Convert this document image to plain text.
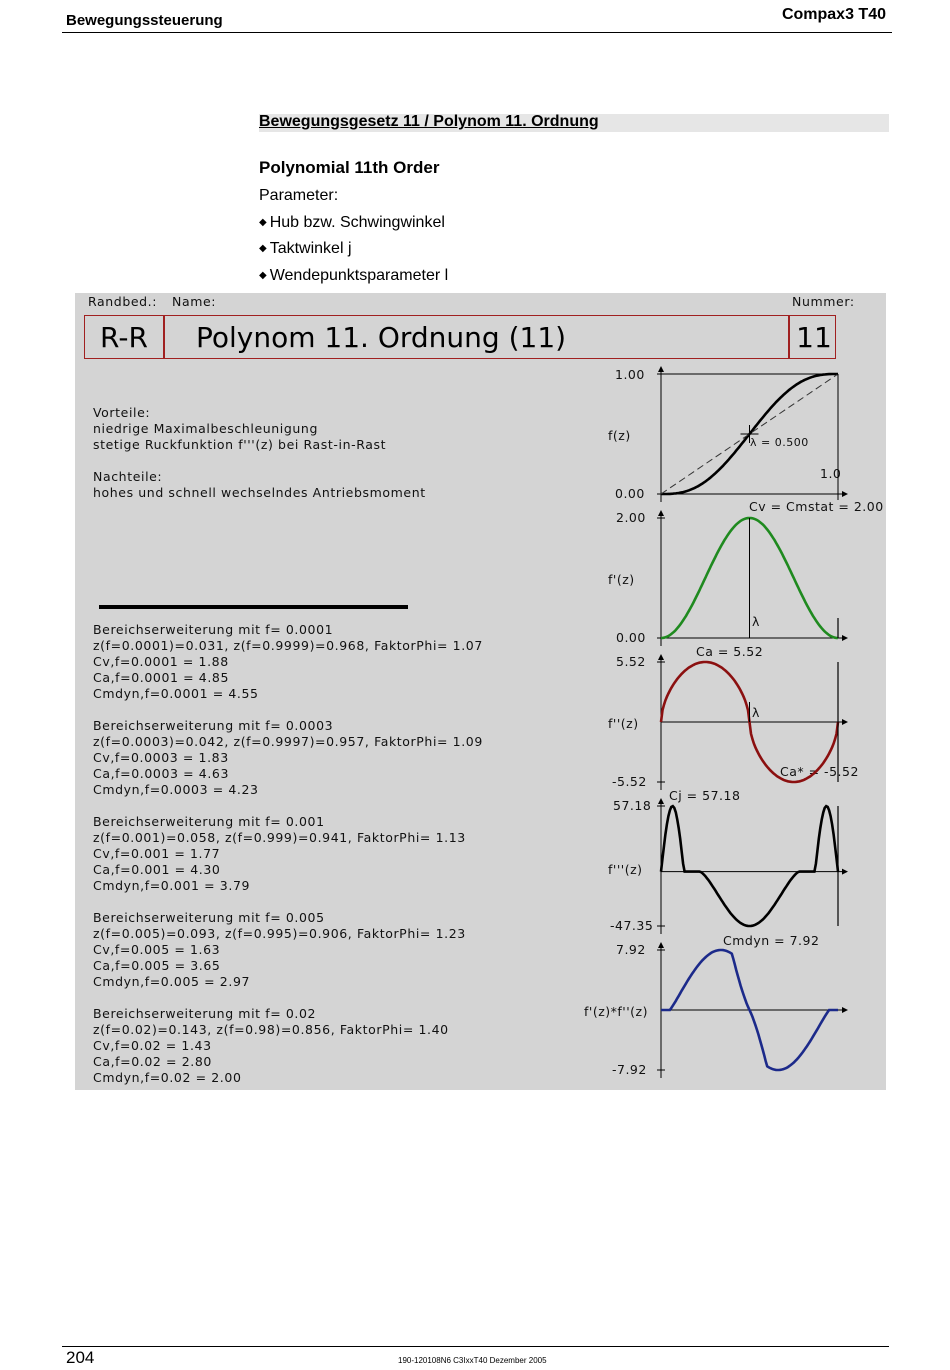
Bewegungssteuerung	Compax3 T40
Bewegungsgesetz 11 / Polynom 11. Ordnung
Polynomial 11th Order
Parameter:
◆ Hub bzw. Schwingwinkel
◆ Taktwinkel j
◆ Wendepunktsparameter l
Randbed.: Name:	Nummer:
R-R	Polynom 11. Ordnung (11)	11
Vorteile:
niedrige Maximalbeschleunigung
stetige Ruckfunktion f'''(z) bei Rast-in-Rast
Nachteile:
hohes und schnell wechselndes Antriebsmoment
Bereichserweiterung mit f= 0.0001
z(f=0.0001)=0.031, z(f=0.9999)=0.968, FaktorPhi= 1.07
Cv,f=0.0001 = 1.88
Ca,f=0.0001 = 4.85
Cmdyn,f=0.0001 = 4.55
Bereichserweiterung mit f= 0.0003
z(f=0.0003)=0.042, z(f=0.9997)=0.957, FaktorPhi= 1.09
Cv,f=0.0003 = 1.83
Ca,f=0.0003 = 4.63
Cmdyn,f=0.0003 = 4.23
Bereichserweiterung mit f= 0.001
z(f=0.001)=0.058, z(f=0.999)=0.941, FaktorPhi= 1.13
Cv,f=0.001 = 1.77
Ca,f=0.001 = 4.30
Cmdyn,f=0.001 = 3.79
Bereichserweiterung mit f= 0.005
z(f=0.005)=0.093, z(f=0.995)=0.906, FaktorPhi= 1.23
Cv,f=0.005 = 1.63
Ca,f=0.005 = 3.65
Cmdyn,f=0.005 = 2.97
Bereichserweiterung mit f= 0.02
z(f=0.02)=0.143, z(f=0.98)=0.856, FaktorPhi= 1.40
Cv,f=0.02 = 1.43
Ca,f=0.02 = 2.80
Cmdyn,f=0.02 = 2.00
1.00
f(z)
0.00
1.0
λ = 0.500
2.00
f'(z)
0.00
Cv = Cmstat = 2.00
λ
5.52
f''(z)
-5.52
Ca = 5.52
Ca* = -5.52
λ
57.18
f'''(z)
-47.35
Cj = 57.18
7.92
f'(z)*f''(z)
-7.92
Cmdyn = 7.92
204	190-120108N6 C3IxxT40 Dezember 2005
